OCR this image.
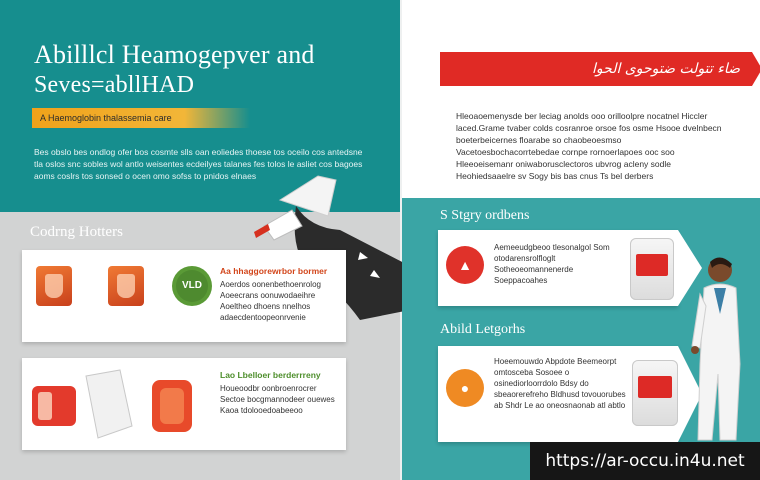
Abilllcl Heamogepver and
Seves=abllHAD
A Haemoglobin thalassemia care
Bes obslo bes ondlog ofer bos cosmte slls oan eoliedes thoese tos oceilo cos antedsne tla oslos snc sobles wol antlo weisentes ecdeilyes talanes fes tolos le asliet cos bagoes aoms coslrs tos sonsed o ocen omo sofss to pnidos elnaes
Codrng Hotters
Aa hhaggorewrbor bormer
Aoerdos oonenbethoenrolog Aoeecrans oonuwodaeihre Aoeltheo dhoens nnelhos adaecdentoopeonrvenie
VLD
Lao Lbelloer berderrreny
Houeoodbr oonbroenrocrer Sectoe bocgmannodeer ouewes Kaoa tdolooedoabeeoo
ضاء تتولت ضتوحوى الحوا
Hleoaoemenysde ber leciag anolds ooo orilloolpre nocatnel Hiccler laced.Grame tvaber colds cosranroe orsoe fos osme Hsooe dvelnbecn boeterbeicernes floarabe so chaobeoesmso Vacetoesbochacorrtebedae cornpe rornoerlapoes ooc soo Hleeoeisemanr oniwaborusclectoros ubvrog acleny sodle Heohiedsaaelre sv Sogy bis bas cnus Ts bel derbers
S Stgry ordbens
Aemeeudgbeoo tlesonalgol Som otodarensrolfloglt Sotheoeomannenerde Soeppacoahes
▲
Abild Letgorhs
Hoeemouwdo Abpdote Beemeorpt omtosceba Sosoee o osinediorloorrdolo Bdsy do sbeaorerefreho Bldhusd tovouorubes ab Shdr Le ao oneosnaonab atl abtlo
●
https://ar-occu.in4u.net
